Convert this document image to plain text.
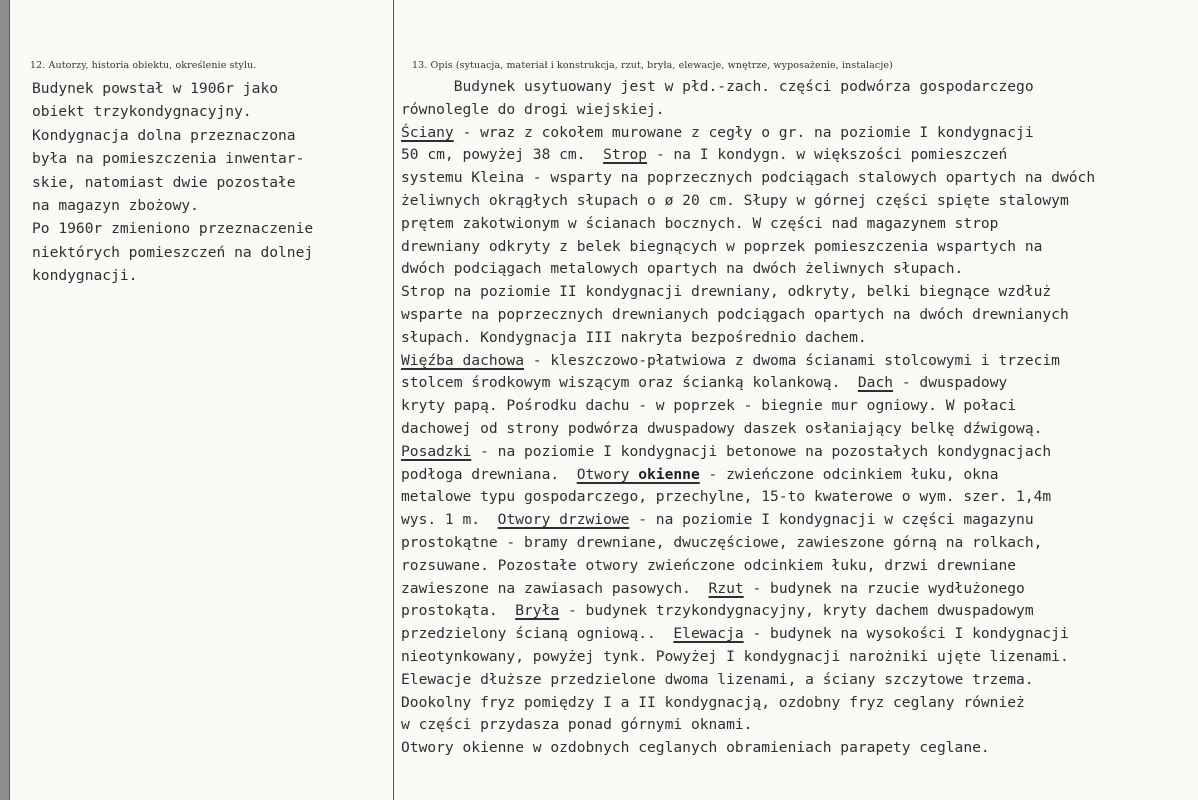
12. Autorzy, historia obiektu, określenie stylu.	13. Opis (sytuacja, materiał i konstrukcja, rzut, bryła, elewacje, wnętrze, wyposażenie, instalacje)
Budynek powstał w 1906r jako
obiekt trzykondygnacyjny.
Kondygnacja dolna przeznaczona
była na pomieszczenia inwentar-
skie, natomiast dwie pozostałe
na magazyn zbożowy.
Po 1960r zmieniono przeznaczenie
niektórych pomieszczeń na dolnej
kondygnacji.
Budynek usytuowany jest w płd.-zach. części podwórza gospodarczego
równolegle do drogi wiejskiej.
Ściany - wraz z cokołem murowane z cegły o gr. na poziomie I kondygnacji
50 cm, powyżej 38 cm.  Strop - na I kondygn. w większości pomieszczeń
systemu Kleina - wsparty na poprzecznych podciągach stalowych opartych na dwóch
żeliwnych okrągłych słupach o ø 20 cm. Słupy w górnej części spięte stalowym
prętem zakotwionym w ścianach bocznych. W części nad magazynem strop
drewniany odkryty z belek biegnących w poprzek pomieszczenia wspartych na
dwóch podciągach metalowych opartych na dwóch żeliwnych słupach.
Strop na poziomie II kondygnacji drewniany, odkryty, belki biegnące wzdłuż
wsparte na poprzecznych drewnianych podciągach opartych na dwóch drewnianych
słupach. Kondygnacja III nakryta bezpośrednio dachem.
Więźba dachowa - kleszczowo-płatwiowa z dwoma ścianami stolcowymi i trzecim
stolcem środkowym wiszącym oraz ścianką kolankową.  Dach - dwuspadowy
kryty papą. Pośrodku dachu - w poprzek - biegnie mur ogniowy. W połaci
dachowej od strony podwórza dwuspadowy daszek osłaniający belkę dźwigową.
Posadzki - na poziomie I kondygnacji betonowe na pozostałych kondygnacjach
podłoga drewniana.  Otwory okienne - zwieńczone odcinkiem łuku, okna
metalowe typu gospodarczego, przechylne, 15-to kwaterowe o wym. szer. 1,4m
wys. 1 m.  Otwory drzwiowe - na poziomie I kondygnacji w części magazynu
prostokątne - bramy drewniane, dwuczęściowe, zawieszone górną na rolkach,
rozsuwane. Pozostałe otwory zwieńczone odcinkiem łuku, drzwi drewniane
zawieszone na zawiasach pasowych.  Rzut - budynek na rzucie wydłużonego
prostokąta.  Bryła - budynek trzykondygnacyjny, kryty dachem dwuspadowym
przedzielony ścianą ogniową..  Elewacja - budynek na wysokości I kondygnacji
nieotynkowany, powyżej tynk. Powyżej I kondygnacji narożniki ujęte lizenami.
Elewacje dłuższe przedzielone dwoma lizenami, a ściany szczytowe trzema.
Dookolny fryz pomiędzy I a II kondygnacją, ozdobny fryz ceglany również
w części przydasza ponad górnymi oknami.
Otwory okienne w ozdobnych ceglanych obramieniach parapety ceglane.
